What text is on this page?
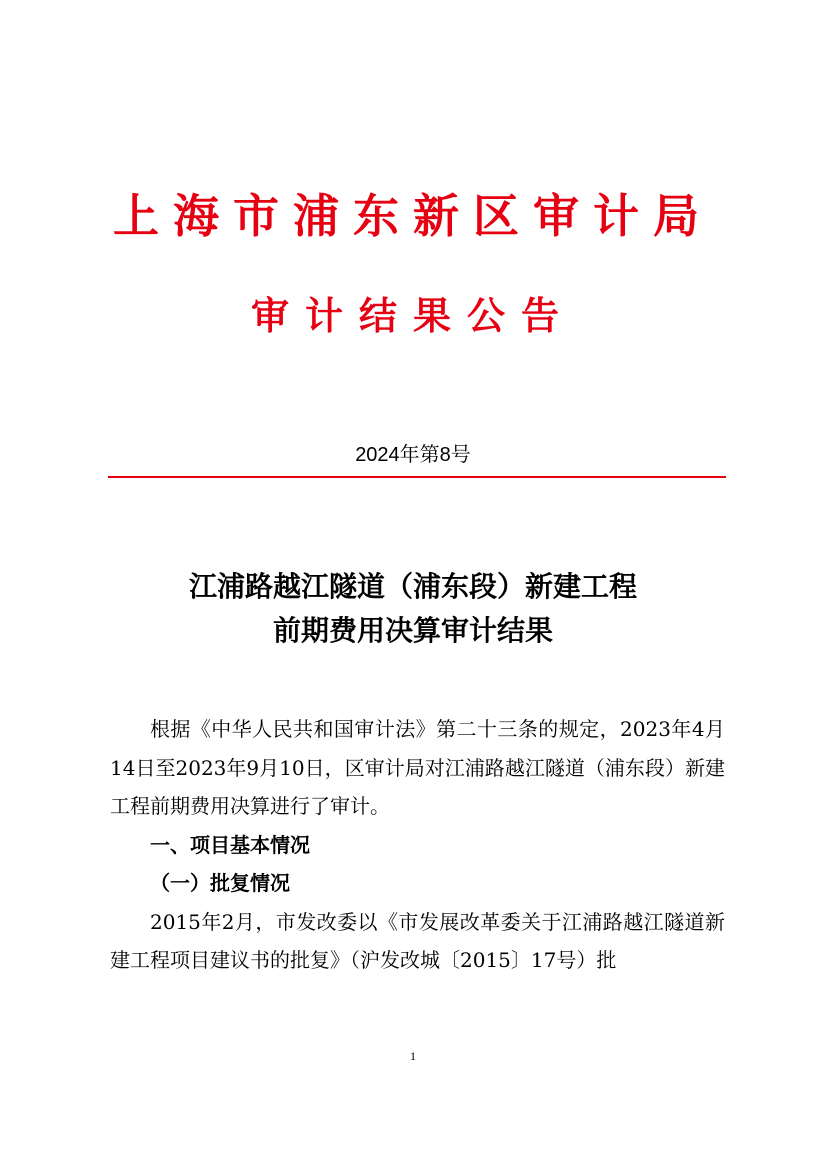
上海市浦东新区审计局
审计结果公告
2024年第8号
江浦路越江隧道（浦东段）新建工程
前期费用决算审计结果

根据《中华人民共和国审计法》第二十三条的规定，2023年4月14日至2023年9月10日，区审计局对江浦路越江隧道（浦东段）新建工程前期费用决算进行了审计。

一、项目基本情况

（一）批复情况

2015年2月，市发改委以《市发展改革委关于江浦路越江隧道新建工程项目建议书的批复》（沪发改城〔2015〕17号）批

1
